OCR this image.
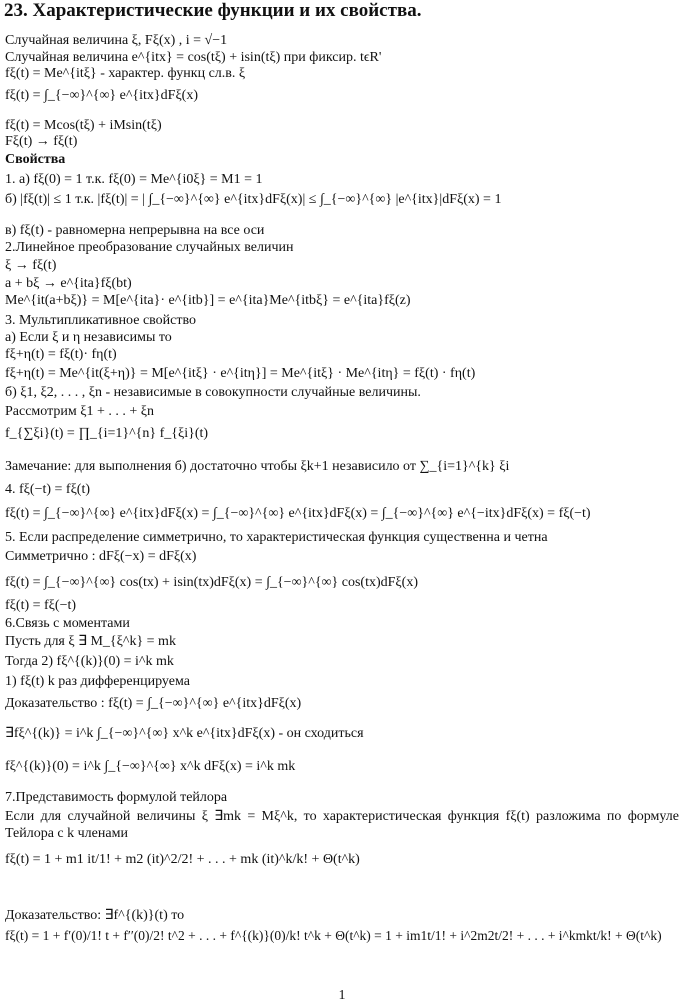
23. Характеристические функции и их свойства.
Случайная величина ξ, Fξ(x) , i = √−1
Случайная величина e^{itx} = cos(tξ) + isin(tξ) при фиксир. tϵR'
fξ(t) = Me^{itξ} - характер. функц сл.в. ξ
fξ(t) = ∫_{−∞}^{∞} e^{itx}dFξ(x)
fξ(t) = Mcos(tξ) + iMsin(tξ)
Fξ(t) → fξ(t)
Свойства
1. а) fξ(0) = 1 т.к. fξ(0) = Me^{i0ξ} = M1 = 1
б) |fξ(t)| ≤ 1 т.к. |fξ(t)| = | ∫_{−∞}^{∞} e^{itx}dFξ(x)| ≤ ∫_{−∞}^{∞} |e^{itx}|dFξ(x) = 1
в) fξ(t) - равномерна непрерывна на все оси
2.Линейное преобразование случайных величин
ξ → fξ(t)
a + bξ → e^{ita}fξ(bt)
Me^{it(a+bξ)} = M[e^{ita}· e^{itb}] = e^{ita}Me^{itbξ} = e^{ita}fξ(z)
3. Мультипликативное свойство
а) Если ξ и η независимы то
fξ+η(t) = fξ(t)· fη(t)
fξ+η(t) = Me^{it(ξ+η)} = M[e^{itξ} · e^{itη}] = Me^{itξ} · Me^{itη} = fξ(t) · fη(t)
б) ξ1, ξ2, . . . , ξn - независимые в совокупности случайные величины.
Рассмотрим ξ1 + . . . + ξn
f_{∑ξi}(t) = ∏_{i=1}^{n} f_{ξi}(t)
Замечание: для выполнения б) достаточно чтобы ξk+1 независило от ∑_{i=1}^{k} ξi
4. fξ(−t) = fξ(t)
fξ(t) = ∫_{−∞}^{∞} e^{itx}dFξ(x) = ∫_{−∞}^{∞} e^{itx}dFξ(x) = ∫_{−∞}^{∞} e^{−itx}dFξ(x) = fξ(−t)
5. Если распределение симметрично, то характеристическая функция существенна и четна
Симметрично : dFξ(−x) = dFξ(x)
fξ(t) = ∫_{−∞}^{∞} cos(tx) + isin(tx)dFξ(x) = ∫_{−∞}^{∞} cos(tx)dFξ(x)
fξ(t) = fξ(−t)
6.Связь с моментами
Пусть для ξ ∃ M_{ξ^k} = mk
Тогда 2) fξ^{(k)}(0) = i^k mk
1) fξ(t) k раз дифференцируема
Доказательство : fξ(t) = ∫_{−∞}^{∞} e^{itx}dFξ(x)
∃fξ^{(k)} = i^k ∫_{−∞}^{∞} x^k e^{itx}dFξ(x) - он сходиться
fξ^{(k)}(0) = i^k ∫_{−∞}^{∞} x^k dFξ(x) = i^k mk
7.Представимость формулой тейлора
Если для случайной величины ξ ∃mk = Mξ^k, то характеристическая функция fξ(t) разложима по формуле Тейлора с k членами
fξ(t) = 1 + m1 it/1! + m2 (it)^2/2! + . . . + mk (it)^k/k! + Θ(t^k)
Доказательство: ∃f^{(k)}(t) то
fξ(t) = 1 + f′(0)/1! t + f′′(0)/2! t^2 + . . . + f^{(k)}(0)/k! t^k + Θ(t^k) = 1 + im1t/1! + i^2m2t/2! + . . . + i^kmkt/k! + Θ(t^k)
1
